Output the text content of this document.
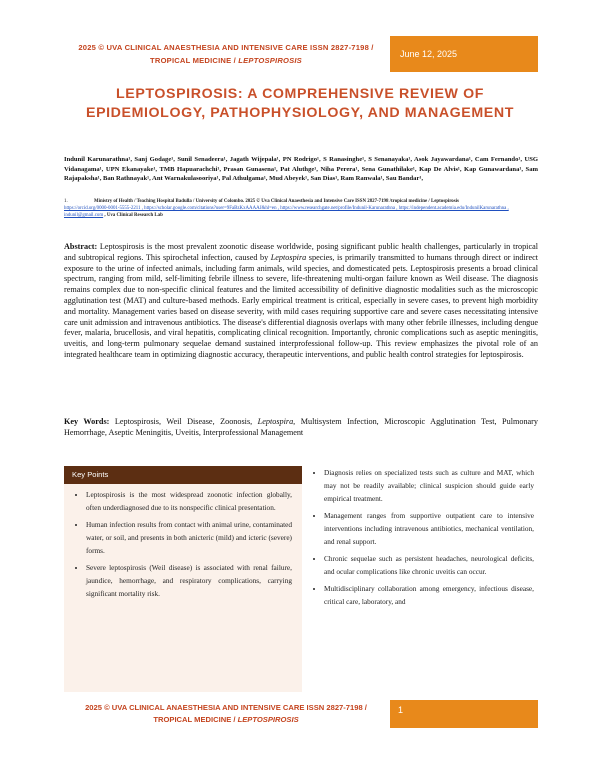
2025 © UVA CLINICAL ANAESTHESIA AND INTENSIVE CARE ISSN 2827-7198 /
TROPICAL MEDICINE / LEPTOSPIROSIS
June 12, 2025
LEPTOSPIROSIS: A COMPREHENSIVE REVIEW OF EPIDEMIOLOGY, PATHOPHYSIOLOGY, AND MANAGEMENT
Indunil Karunarathna¹, Sanj Godage¹, Sunil Senadeera¹, Jagath Wijepala¹, PN Rodrigo¹, S Ranasinghe¹, S Senanayaka¹, Asok Jayawardana¹, Cam Fernando¹, USG Vidanagama¹, UPN Ekanayake¹, TMB Hapuarachchi¹, Prasan Gunasena¹, Pat Aluthge¹, Niha Perera¹, Sena Gunathilake¹, Kap De Alvis¹, Kap Gunawardana¹, Sam Rajapaksha¹, Ban Rathnayak¹, Ant Warnakulasooriya¹, Pal Athulgama¹, Mud Abeyek¹, San Dias¹, Ram Ranwala¹, Sau Bandar¹,
1.	Ministry of Health / Teaching Hospital Badulla / University of Colombo. 2025 © Uva Clinical Anaesthesia and Intensive Care ISSN 2827-7198 /tropical medicine / Leptospirosis
https://orcid.org/0000-0001-5555-2211 , https://scholar.google.com/citations?user=9FaBzKxAAAAJ&hl=en , https://www.researchgate.net/profile/Indunil-Karunarathna , https://independent.academia.edu/IndunilKarunarathna , indunil@gmail.com , Uva Clinical Research Lab
Abstract: Leptospirosis is the most prevalent zoonotic disease worldwide, posing significant public health challenges, particularly in tropical and subtropical regions. This spirochetal infection, caused by Leptospira species, is primarily transmitted to humans through direct or indirect exposure to the urine of infected animals, including farm animals, wild species, and domesticated pets. Leptospirosis presents a broad clinical spectrum, ranging from mild, self-limiting febrile illness to severe, life-threatening multi-organ failure known as Weil disease. The diagnosis remains complex due to non-specific clinical features and the limited accessibility of definitive diagnostic modalities such as the microscopic agglutination test (MAT) and culture-based methods. Early empirical treatment is critical, especially in severe cases, to prevent high morbidity and mortality. Management varies based on disease severity, with mild cases requiring supportive care and severe cases necessitating intensive care unit admission and intravenous antibiotics. The disease's differential diagnosis overlaps with many other febrile illnesses, including dengue fever, malaria, brucellosis, and viral hepatitis, complicating clinical recognition. Importantly, chronic complications such as aseptic meningitis, uveitis, and long-term pulmonary sequelae demand sustained interprofessional follow-up. This review emphasizes the pivotal role of an integrated healthcare team in optimizing diagnostic accuracy, therapeutic interventions, and public health control strategies for leptospirosis.
Key Words: Leptospirosis, Weil Disease, Zoonosis, Leptospira, Multisystem Infection, Microscopic Agglutination Test, Pulmonary Hemorrhage, Aseptic Meningitis, Uveitis, Interprofessional Management
Key Points
• Leptospirosis is the most widespread zoonotic infection globally, often underdiagnosed due to its nonspecific clinical presentation.
• Human infection results from contact with animal urine, contaminated water, or soil, and presents in both anicteric (mild) and icteric (severe) forms.
• Severe leptospirosis (Weil disease) is associated with renal failure, jaundice, hemorrhage, and respiratory complications, carrying significant mortality risk.
• Diagnosis relies on specialized tests such as culture and MAT, which may not be readily available; clinical suspicion should guide early empirical treatment.
• Management ranges from supportive outpatient care to intensive interventions including intravenous antibiotics, mechanical ventilation, and renal support.
• Chronic sequelae such as persistent headaches, neurological deficits, and ocular complications like chronic uveitis can occur.
• Multidisciplinary collaboration among emergency, infectious disease, critical care, laboratory, and
2025 © UVA CLINICAL ANAESTHESIA AND INTENSIVE CARE ISSN 2827-7198 /
TROPICAL MEDICINE / LEPTOSPIROSIS
1
